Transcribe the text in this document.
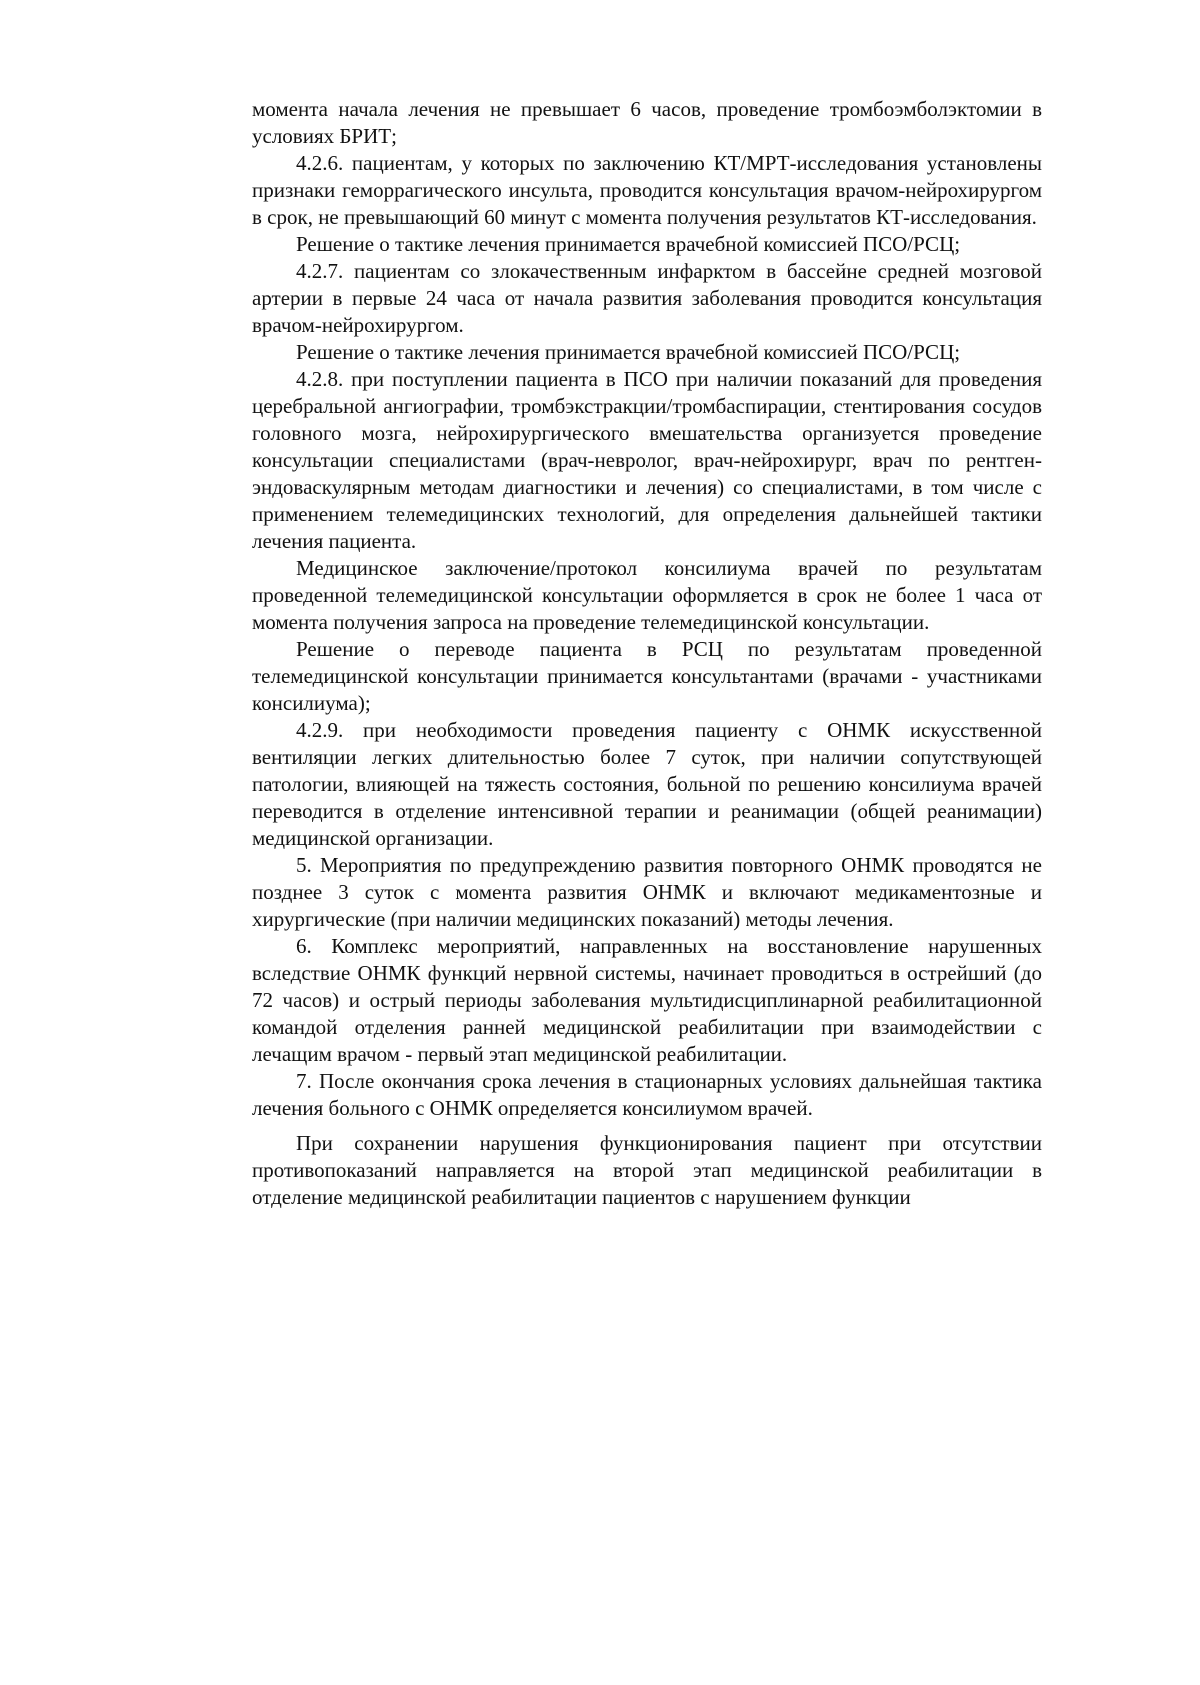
момента начала лечения не превышает 6 часов, проведение тромбоэмболэктомии в условиях БРИТ;

4.2.6. пациентам, у которых по заключению КТ/МРТ-исследования установлены признаки геморрагического инсульта, проводится консультация врачом-нейрохирургом в срок, не превышающий 60 минут с момента получения результатов КТ-исследования.

Решение о тактике лечения принимается врачебной комиссией ПСО/РСЦ;

4.2.7. пациентам со злокачественным инфарктом в бассейне средней мозговой артерии в первые 24 часа от начала развития заболевания проводится консультация врачом-нейрохирургом.

Решение о тактике лечения принимается врачебной комиссией ПСО/РСЦ;

4.2.8. при поступлении пациента в ПСО при наличии показаний для проведения церебральной ангиографии, тромбэкстракции/тромбаспирации, стентирования сосудов головного мозга, нейрохирургического вмешательства организуется проведение консультации специалистами (врач-невролог, врач-нейрохирург, врач по рентген-эндоваскулярным методам диагностики и лечения) со специалистами, в том числе с применением телемедицинских технологий, для определения дальнейшей тактики лечения пациента.

Медицинское заключение/протокол консилиума врачей по результатам проведенной телемедицинской консультации оформляется в срок не более 1 часа от момента получения запроса на проведение телемедицинской консультации.

Решение о переводе пациента в РСЦ по результатам проведенной телемедицинской консультации принимается консультантами (врачами - участниками консилиума);

4.2.9. при необходимости проведения пациенту с ОНМК искусственной вентиляции легких длительностью более 7 суток, при наличии сопутствующей патологии, влияющей на тяжесть состояния, больной по решению консилиума врачей переводится в отделение интенсивной терапии и реанимации (общей реанимации) медицинской организации.

5. Мероприятия по предупреждению развития повторного ОНМК проводятся не позднее 3 суток с момента развития ОНМК и включают медикаментозные и хирургические (при наличии медицинских показаний) методы лечения.

6. Комплекс мероприятий, направленных на восстановление нарушенных вследствие ОНМК функций нервной системы, начинает проводиться в острейший (до 72 часов) и острый периоды заболевания мультидисциплинарной реабилитационной командой отделения ранней медицинской реабилитации при взаимодействии с лечащим врачом - первый этап медицинской реабилитации.

7. После окончания срока лечения в стационарных условиях дальнейшая тактика лечения больного с ОНМК определяется консилиумом врачей.

При сохранении нарушения функционирования пациент при отсутствии противопоказаний направляется на второй этап медицинской реабилитации в отделение медицинской реабилитации пациентов с нарушением функции
